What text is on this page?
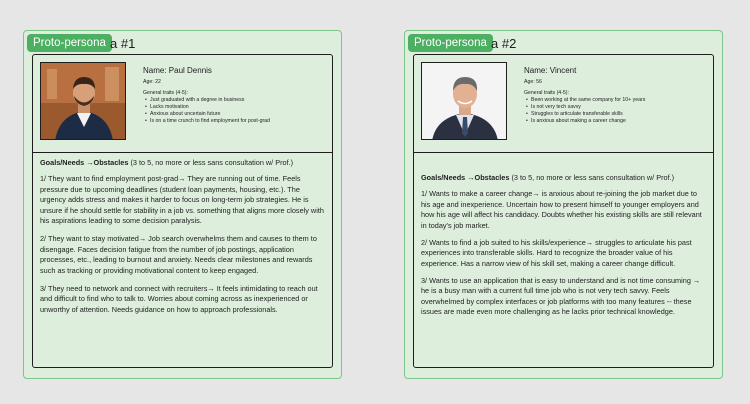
Proto-persona a #1
Name: Paul Dennis
Age: 22
General traits (4-5):
• Just graduated with a degree in business
• Lacks motivation
• Anxious about uncertain future
• Is on a time crunch to find employment for post-grad
Goals/Needs →Obstacles (3 to 5, no more or less sans consultation w/ Prof.)
1/ They want to find employment post-grad→ They are running out of time. Feels pressure due to upcoming deadlines (student loan payments, housing, etc.). The urgency adds stress and makes it harder to focus on long-term job strategies. He is unsure if he should settle for stability in a job vs. something that aligns more closely with his aspirations leading to some decision paralysis.
2/ They want to stay motivated→ Job search overwhelms them and causes to them to disengage. Faces decision fatigue from the number of job postings, application processes, etc., leading to burnout and anxiety. Needs clear milestones and rewards such as tracking or providing motivational content to keep engaged.
3/ They need to network and connect with recruiters→ It feels intimidating to reach out and difficult to find who to talk to. Worries about coming across as inexperienced or unworthy of attention. Needs guidance on how to approach professionals.
Proto-persona a #2
Name: Vincent
Age: 56
General traits (4-5):
• Been working at the same company for 10+ years
• Is not very tech savvy
• Struggles to articulate transferable skills
• Is anxious about making a career change
Goals/Needs →Obstacles (3 to 5, no more or less sans consultation w/ Prof.)
1/ Wants to make a career change→ is anxious about re-joining the job market due to his age and inexperience. Uncertain how to present himself to younger employers and how his age will affect his candidacy. Doubts whether his existing skills are still relevant in today's job market.
2/ Wants to find a job suited to his skills/experience→ struggles to articulate his past experiences into transferable skills. Hard to recognize the broader value of his experience. Has a narrow view of his skill set, making a career change difficult.
3/ Wants to use an application that is easy to understand and is not time consuming → he is a busy man with a current full time job who is not very tech savvy. Feels overwhelmed by complex interfaces or job platforms with too many features -- these issues are made even more challenging as he lacks prior technical knowledge.
